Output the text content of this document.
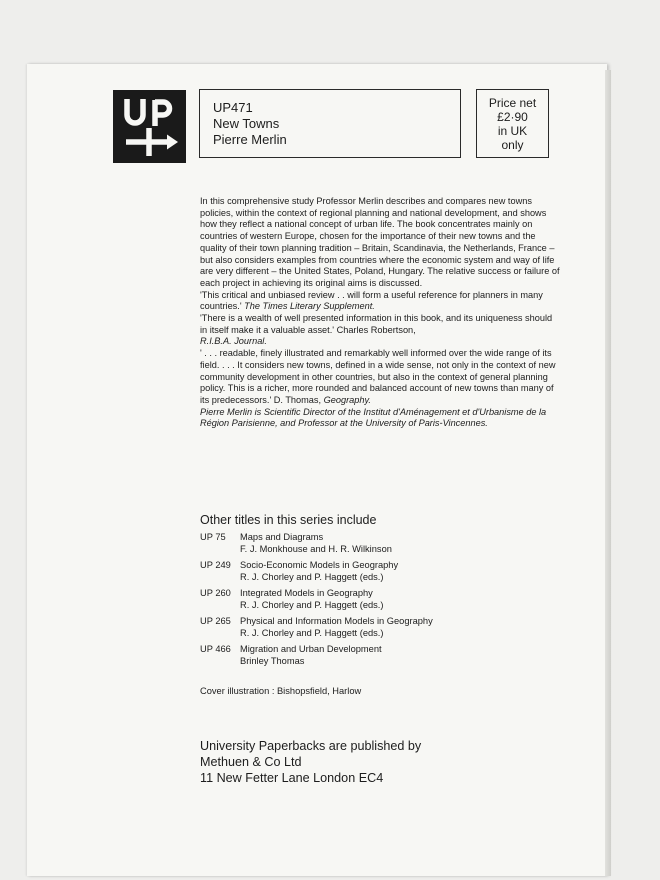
UP471
New Towns
Pierre Merlin
Price net
£2·90
in UK
only

In this comprehensive study Professor Merlin describes and compares new towns policies, within the context of regional planning and national development, and shows how they reflect a national concept of urban life. The book concentrates mainly on countries of western Europe, chosen for the importance of their new towns and the quality of their town planning tradition – Britain, Scandinavia, the Netherlands, France – but also considers examples from countries where the economic system and way of life are very different – the United States, Poland, Hungary. The relative success or failure of each project in achieving its original aims is discussed.

'This critical and unbiased review . . will form a useful reference for planners in many countries.' The Times Literary Supplement.

'There is a wealth of well presented information in this book, and its uniqueness should in itself make it a valuable asset.' Charles Robertson,
R.I.B.A. Journal.

' . . . readable, finely illustrated and remarkably well informed over the wide range of its field. . . . It considers new towns, defined in a wide sense, not only in the context of new community development in other countries, but also in the context of general planning policy. This is a richer, more rounded and balanced account of new towns than many of its predecessors.' D. Thomas, Geography.

Pierre Merlin is Scientific Director of the Institut d'Aménagement et d'Urbanisme de la Région Parisienne, and Professor at the University of Paris-Vincennes.

Other titles in this series include
UP 75	Maps and Diagrams
F. J. Monkhouse and H. R. Wilkinson
UP 249 Socio-Economic Models in Geography
R. J. Chorley and P. Haggett (eds.)
UP 260 Integrated Models in Geography
R. J. Chorley and P. Haggett (eds.)
UP 265 Physical and Information Models in Geography
R. J. Chorley and P. Haggett (eds.)
UP 466 Migration and Urban Development
Brinley Thomas
Cover illustration : Bishopsfield, Harlow
University Paperbacks are published by
Methuen & Co Ltd
11 New Fetter Lane London EC4
